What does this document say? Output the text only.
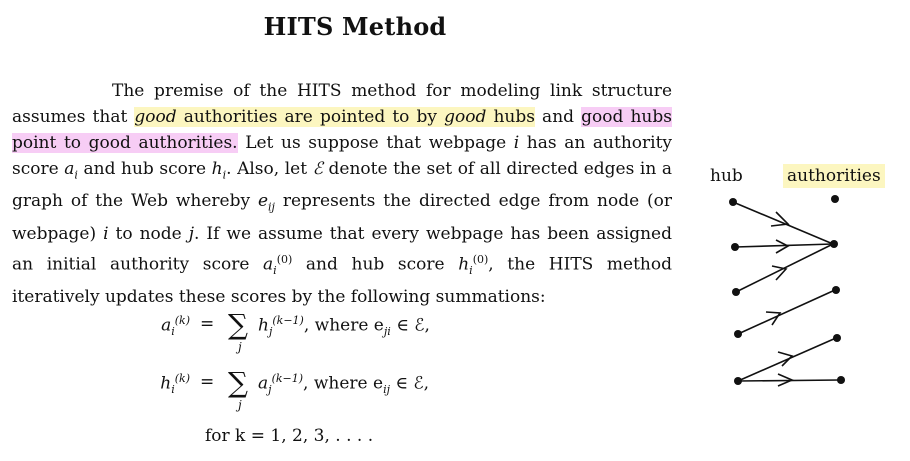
HITS Method

The premise of the HITS method for modeling link structure assumes that good authorities are pointed to by good hubs and good hubs point to good authorities. Let us suppose that webpage i has an authority score $a_i$ and hub score $h_i$. Also, let ℰ denote the set of all directed edges in a graph of the Web whereby $e_{ij}$ represents the directed edge from node (or webpage) i to node j. If we assume that every webpage has been assigned an initial authority score $a_i^{(0)}$ and hub score $h_i^{(0)}$, the HITS method iteratively updates these scores by the following summations:

$a_i^{(k)}$ = ∑
j
$h_j^{(k-1)}$, where $e_{ji}$ ∈ ℰ,
$h_i^{(k)}$ = ∑
j
$a_j^{(k-1)}$, where $e_{ij}$ ∈ ℰ,
for k = 1, 2, 3, . . . .
hub	authorities
